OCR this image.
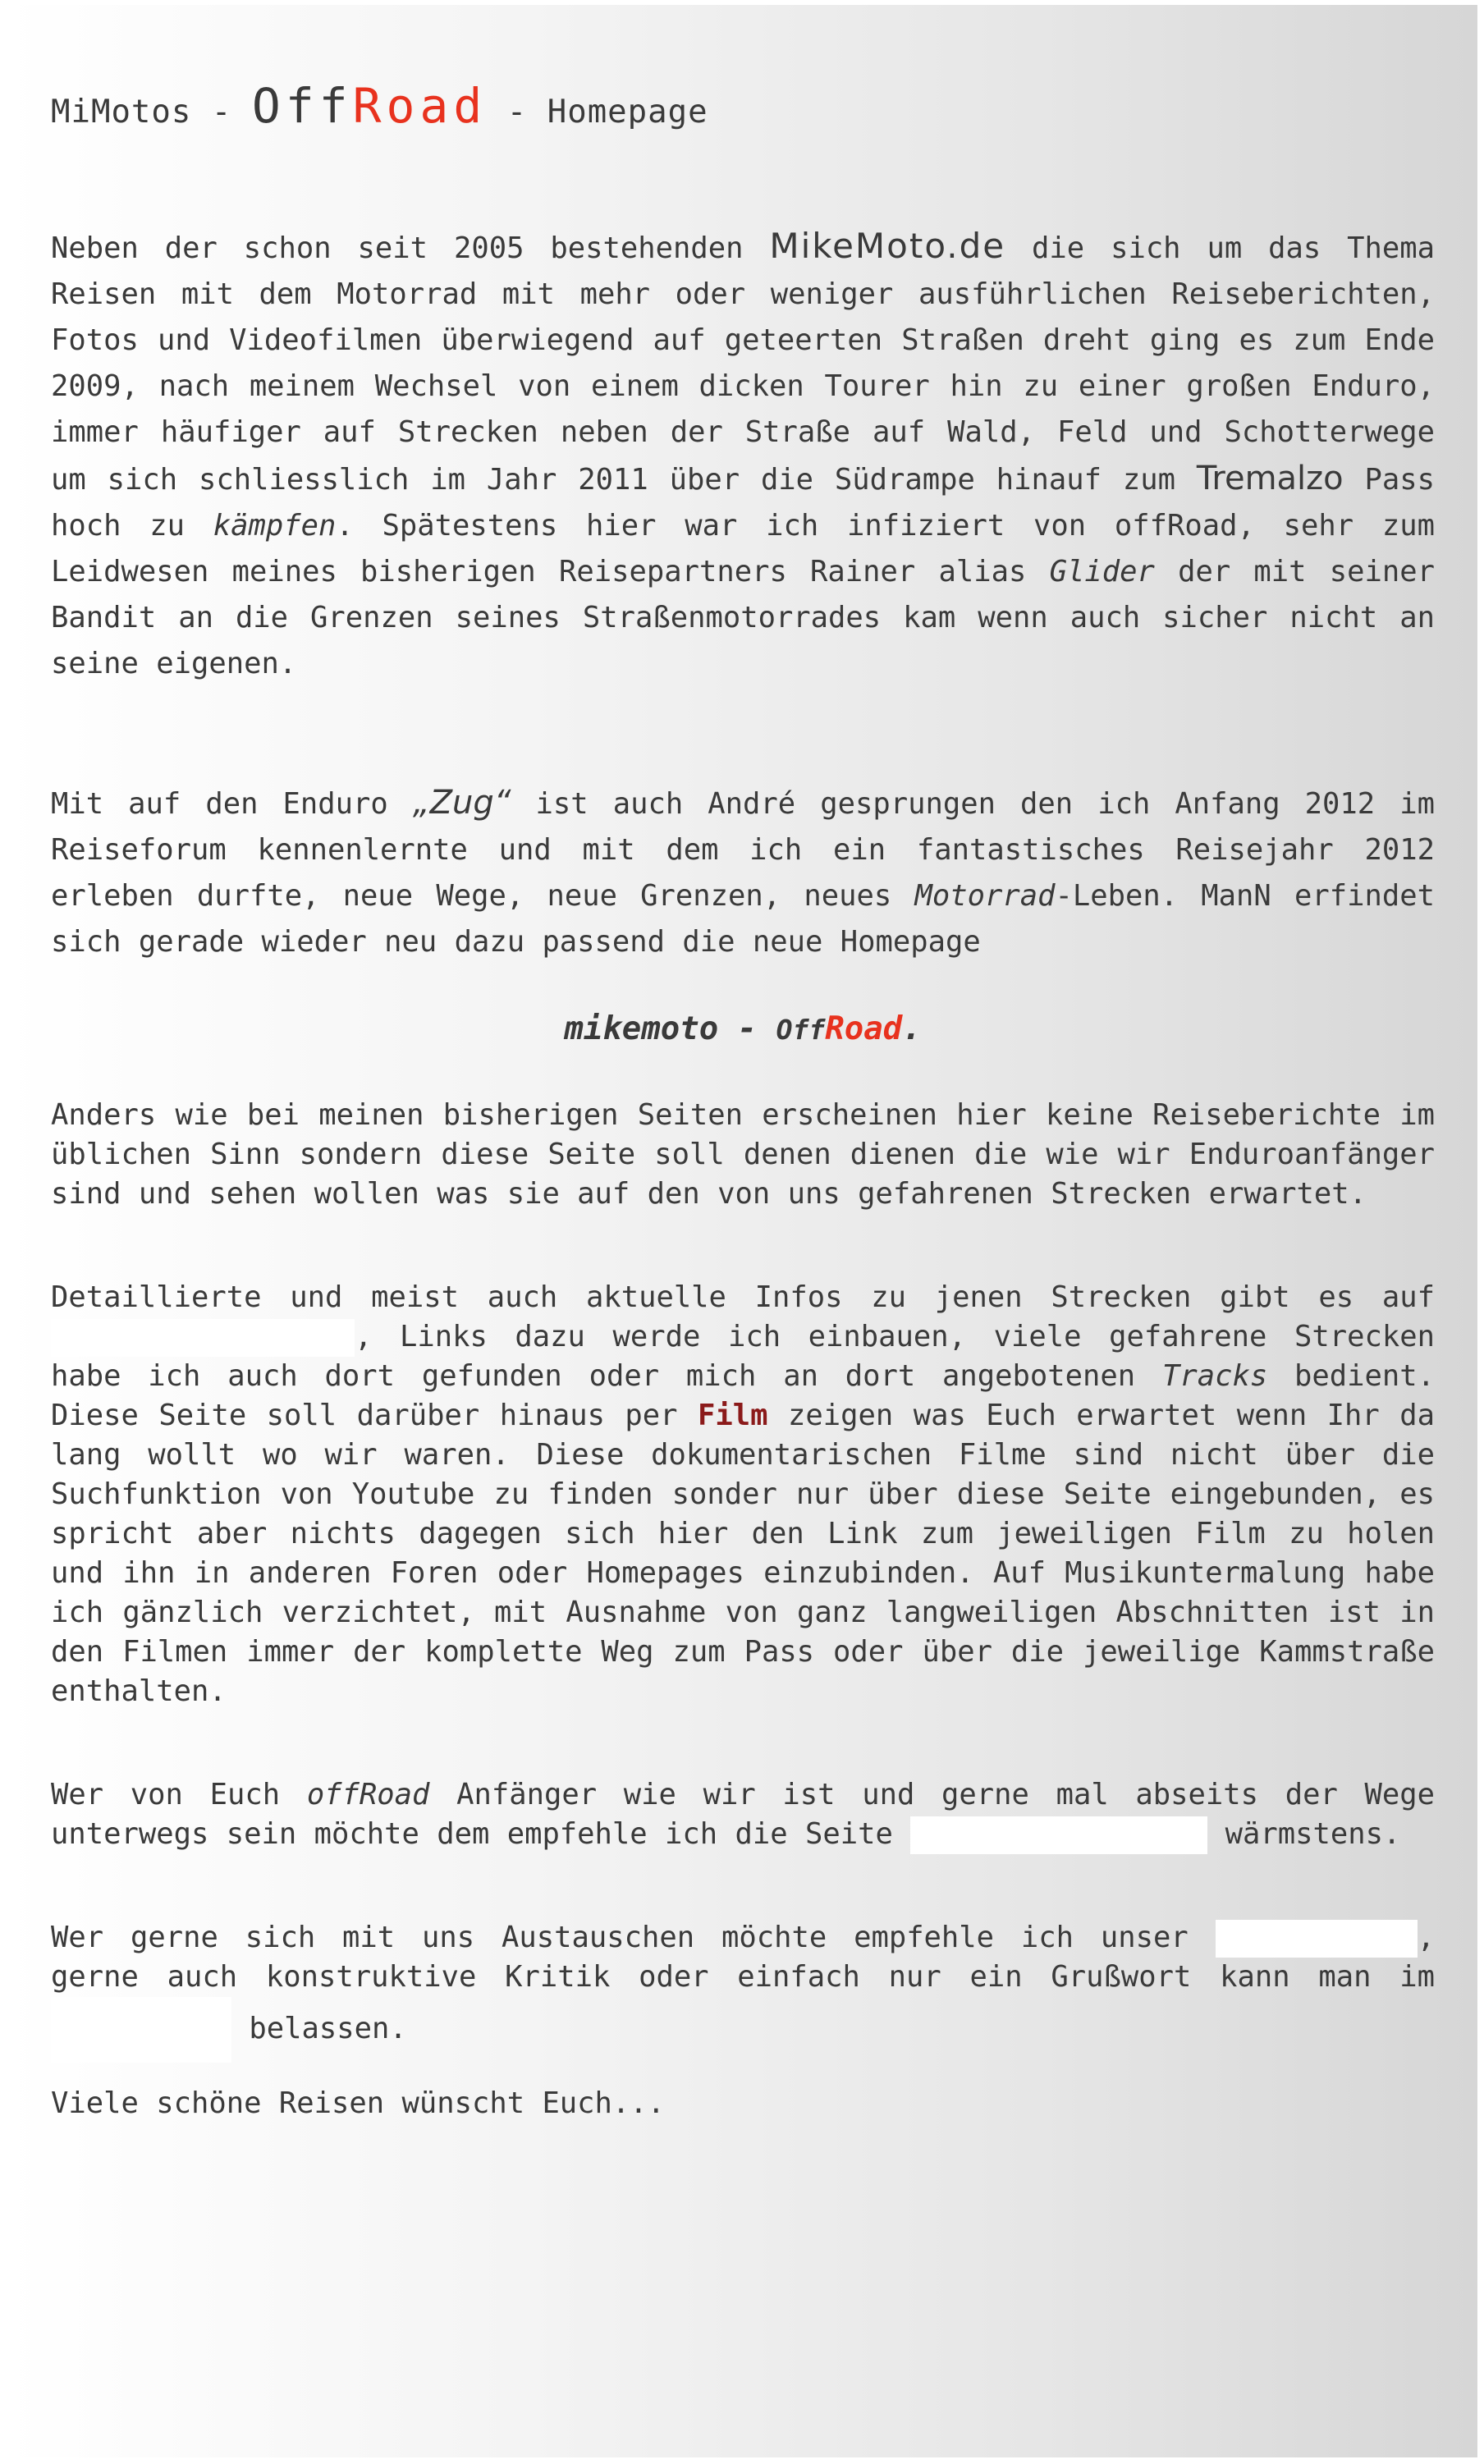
MiMotos - OffRoad - Homepage

Neben der schon seit 2005 bestehenden MikeMoto.de die sich um das Thema Reisen mit dem Motorrad mit mehr oder weniger ausführlichen Reiseberichten, Fotos und Videofilmen überwiegend auf geteerten Straßen dreht ging es zum Ende 2009, nach meinem Wechsel von einem dicken Tourer hin zu einer großen Enduro, immer häufiger auf Strecken neben der Straße auf Wald, Feld und Schotterwege um sich schliesslich im Jahr 2011 über die Südrampe hinauf zum Tremalzo Pass hoch zu kämpfen. Spätestens hier war ich infiziert von offRoad, sehr zum Leidwesen meines bisherigen Reisepartners Rainer alias Glider der mit seiner Bandit an die Grenzen seines Straßenmotorrades kam wenn auch sicher nicht an seine eigenen.

Mit auf den Enduro „Zug“ ist auch André gesprungen den ich Anfang 2012 im Reiseforum kennenlernte und mit dem ich ein fantastisches Reisejahr 2012 erleben durfte, neue Wege, neue Grenzen, neues Motorrad-Leben. ManN erfindet sich gerade wieder neu dazu passend die neue Homepage

mikemoto - OffRoad.

Anders wie bei meinen bisherigen Seiten erscheinen hier keine Reiseberichte im üblichen Sinn sondern diese Seite soll denen dienen die wie wir Enduroanfänger sind und sehen wollen was sie auf den von uns gefahrenen Strecken erwartet.

Detaillierte und meist auch aktuelle Infos zu jenen Strecken gibt es auf , Links dazu werde ich einbauen, viele gefahrene Strecken habe ich auch dort gefunden oder mich an dort angebotenen Tracks bedient. Diese Seite soll darüber hinaus per Film zeigen was Euch erwartet wenn Ihr da lang wollt wo wir waren. Diese dokumentarischen Filme sind nicht über die Suchfunktion von Youtube zu finden sonder nur über diese Seite eingebunden, es spricht aber nichts dagegen sich hier den Link zum jeweiligen Film zu holen und ihn in anderen Foren oder Homepages einzubinden. Auf Musikuntermalung habe ich gänzlich verzichtet, mit Ausnahme von ganz langweiligen Abschnitten ist in den Filmen immer der komplette Weg zum Pass oder über die jeweilige Kammstraße enthalten.

Wer von Euch offRoad Anfänger wie wir ist und gerne mal abseits der Wege unterwegs sein möchte dem empfehle ich die Seite	wärmstens.

Wer gerne sich mit uns Austauschen möchte empfehle ich unser	, gerne auch konstruktive Kritik oder einfach nur ein Grußwort kann man im  belassen.

Viele schöne Reisen wünscht Euch...
